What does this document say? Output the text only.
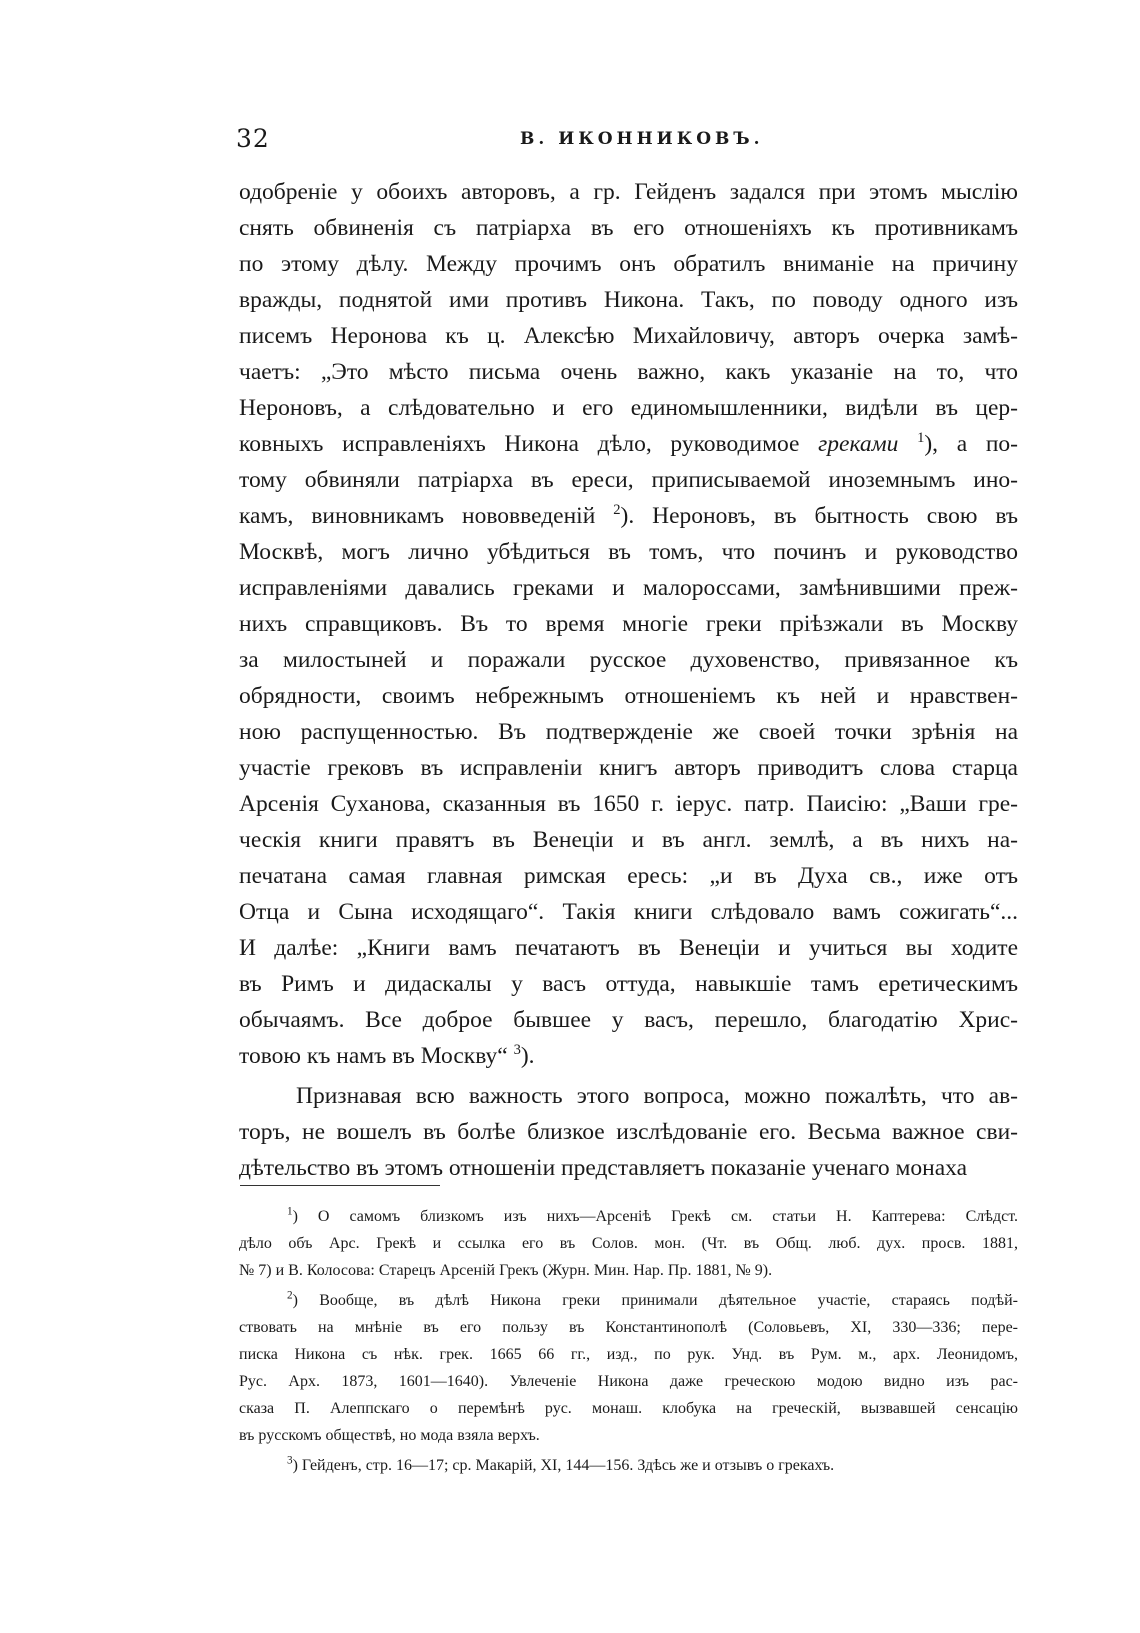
32	В. ИКОННИКОВЪ.
одобреніе у обоихъ авторовъ, а гр. Гейденъ задался при этомъ мыслію
снять обвиненія съ патріарха въ его отношеніяхъ къ противникамъ
по этому дѣлу. Между прочимъ онъ обратилъ вниманіе на причину
вражды, поднятой ими противъ Никона. Такъ, по поводу одного изъ
писемъ Неронова къ ц. Алексѣю Михайловичу, авторъ очерка замѣ-
чаетъ: „Это мѣсто письма очень важно, какъ указаніе на то, что
Нероновъ, а слѣдовательно и его единомышленники, видѣли въ цер-
ковныхъ исправленіяхъ Никона дѣло, руководимое греками $^1$), а по-
тому обвиняли патріарха въ ереси, приписываемой иноземнымъ ино-
камъ, виновникамъ нововведеній $^2$). Нероновъ, въ бытность свою въ
Москвѣ, могъ лично убѣдиться въ томъ, что починъ и руководство
исправленіями давались греками и малороссами, замѣнившими преж-
нихъ справщиковъ. Въ то время многіе греки пріѣзжали въ Москву
за милостыней и поражали русское духовенство, привязанное къ
обрядности, своимъ небрежнымъ отношеніемъ къ ней и нравствен-
ною распущенностью. Въ подтвержденіе же своей точки зрѣнія на
участіе грековъ въ исправленіи книгъ авторъ приводитъ слова старца
Арсенія Суханова, сказанныя въ 1650 г. іерус. патр. Паисію: „Ваши гре-
ческія книги правятъ въ Венеціи и въ англ. землѣ, а въ нихъ на-
печатана самая главная римская ересь: „и въ Духа св., иже отъ
Отца и Сына исходящаго“. Такія книги слѣдовало вамъ сожигать“...
И далѣе: „Книги вамъ печатаютъ въ Венеціи и учиться вы ходите
въ Римъ и дидаскалы у васъ оттуда, навыкшіе тамъ еретическимъ
обычаямъ. Все доброе бывшее у васъ, перешло, благодатію Хрис-
товою къ намъ въ Москву“ $^3$).
Признавая всю важность этого вопроса, можно пожалѣть, что ав-
торъ, не вошелъ въ болѣе близкое изслѣдованіе его. Весьма важное сви-
дѣтельство въ этомъ отношеніи представляетъ показаніе ученаго монаха
$^1$) О самомъ близкомъ изъ нихъ—Арсеніѣ Грекѣ см. статьи Н. Каптерева: Слѣдст.
дѣло объ Арс. Грекѣ и ссылка его въ Солов. мон. (Чт. въ Общ. люб. дух. просв. 1881,
№ 7) и В. Колосова: Старецъ Арсеній Грекъ (Журн. Мин. Нар. Пр. 1881, № 9).
$^2$) Вообще, въ дѣлѣ Никона греки принимали дѣятельное участіе, стараясь подѣй-
ствовать на мнѣніе въ его пользу въ Константинополѣ (Соловьевъ, XI, 330—336; пере-
писка Никона съ нѣк. грек. 1665 66 гг., изд., по рук. Унд. въ Рум. м., арх. Леонидомъ,
Рус. Арх. 1873, 1601—1640). Увлеченіе Никона даже греческою модою видно изъ рас-
сказа П. Алеппскаго о перемѣнѣ рус. монаш. клобука на греческій, вызвавшей сенсацію
въ русскомъ обществѣ, но мода взяла верхъ.
$^3$) Гейденъ, стр. 16—17; ср. Макарій, XI, 144—156. Здѣсь же и отзывъ о грекахъ.
